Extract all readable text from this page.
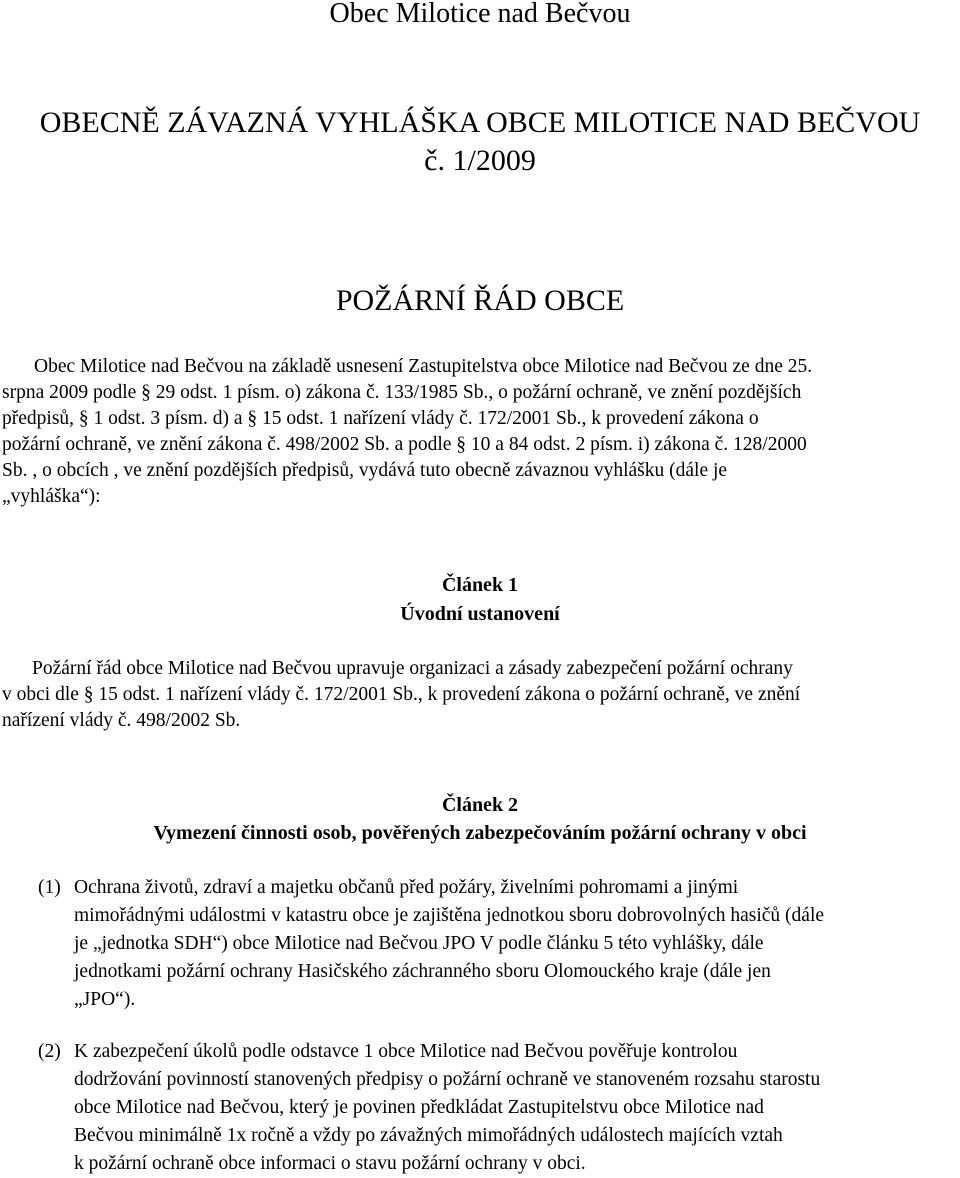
Obec Milotice nad Bečvou
OBECNĚ ZÁVAZNÁ VYHLÁŠKA OBCE MILOTICE NAD BEČVOU
č. 1/2009
POŽÁRNÍ ŘÁD OBCE
Obec Milotice nad Bečvou na základě usnesení Zastupitelstva obce Milotice nad Bečvou ze dne 25.
srpna 2009 podle § 29 odst. 1 písm. o) zákona č. 133/1985 Sb., o požární ochraně, ve znění pozdějších
předpisů, § 1 odst. 3 písm. d) a § 15 odst. 1 nařízení vlády č. 172/2001 Sb., k provedení zákona o
požární ochraně, ve znění zákona č. 498/2002 Sb. a podle § 10 a 84 odst. 2 písm. i) zákona č. 128/2000
Sb. , o obcích , ve znění pozdějších předpisů, vydává tuto obecně závaznou vyhlášku (dále je
„vyhláška“):
Článek 1
Úvodní ustanovení
Požární řád obce Milotice nad Bečvou upravuje organizaci a zásady zabezpečení požární ochrany
v obci dle § 15 odst. 1 nařízení vlády č. 172/2001 Sb., k provedení zákona o požární ochraně, ve znění
nařízení vlády č. 498/2002 Sb.
Článek 2
Vymezení činnosti osob, pověřených zabezpečováním požární ochrany v obci
(1) Ochrana životů, zdraví a majetku občanů před požáry, živelními pohromami a jinými
mimořádnými událostmi v katastru obce je zajištěna jednotkou sboru dobrovolných hasičů (dále
je „jednotka SDH“) obce Milotice nad Bečvou JPO V podle článku 5 této vyhlášky, dále
jednotkami požární ochrany Hasičského záchranného sboru Olomouckého kraje (dále jen
„JPO“).
(2) K zabezpečení úkolů podle odstavce 1 obce Milotice nad Bečvou pověřuje kontrolou
dodržování povinností stanovených předpisy o požární ochraně ve stanoveném rozsahu starostu
obce Milotice nad Bečvou, který je povinen předkládat Zastupitelstvu obce Milotice nad
Bečvou minimálně 1x ročně a vždy po závažných mimořádných událostech majících vztah
k požární ochraně obce informaci o stavu požární ochrany v obci.
